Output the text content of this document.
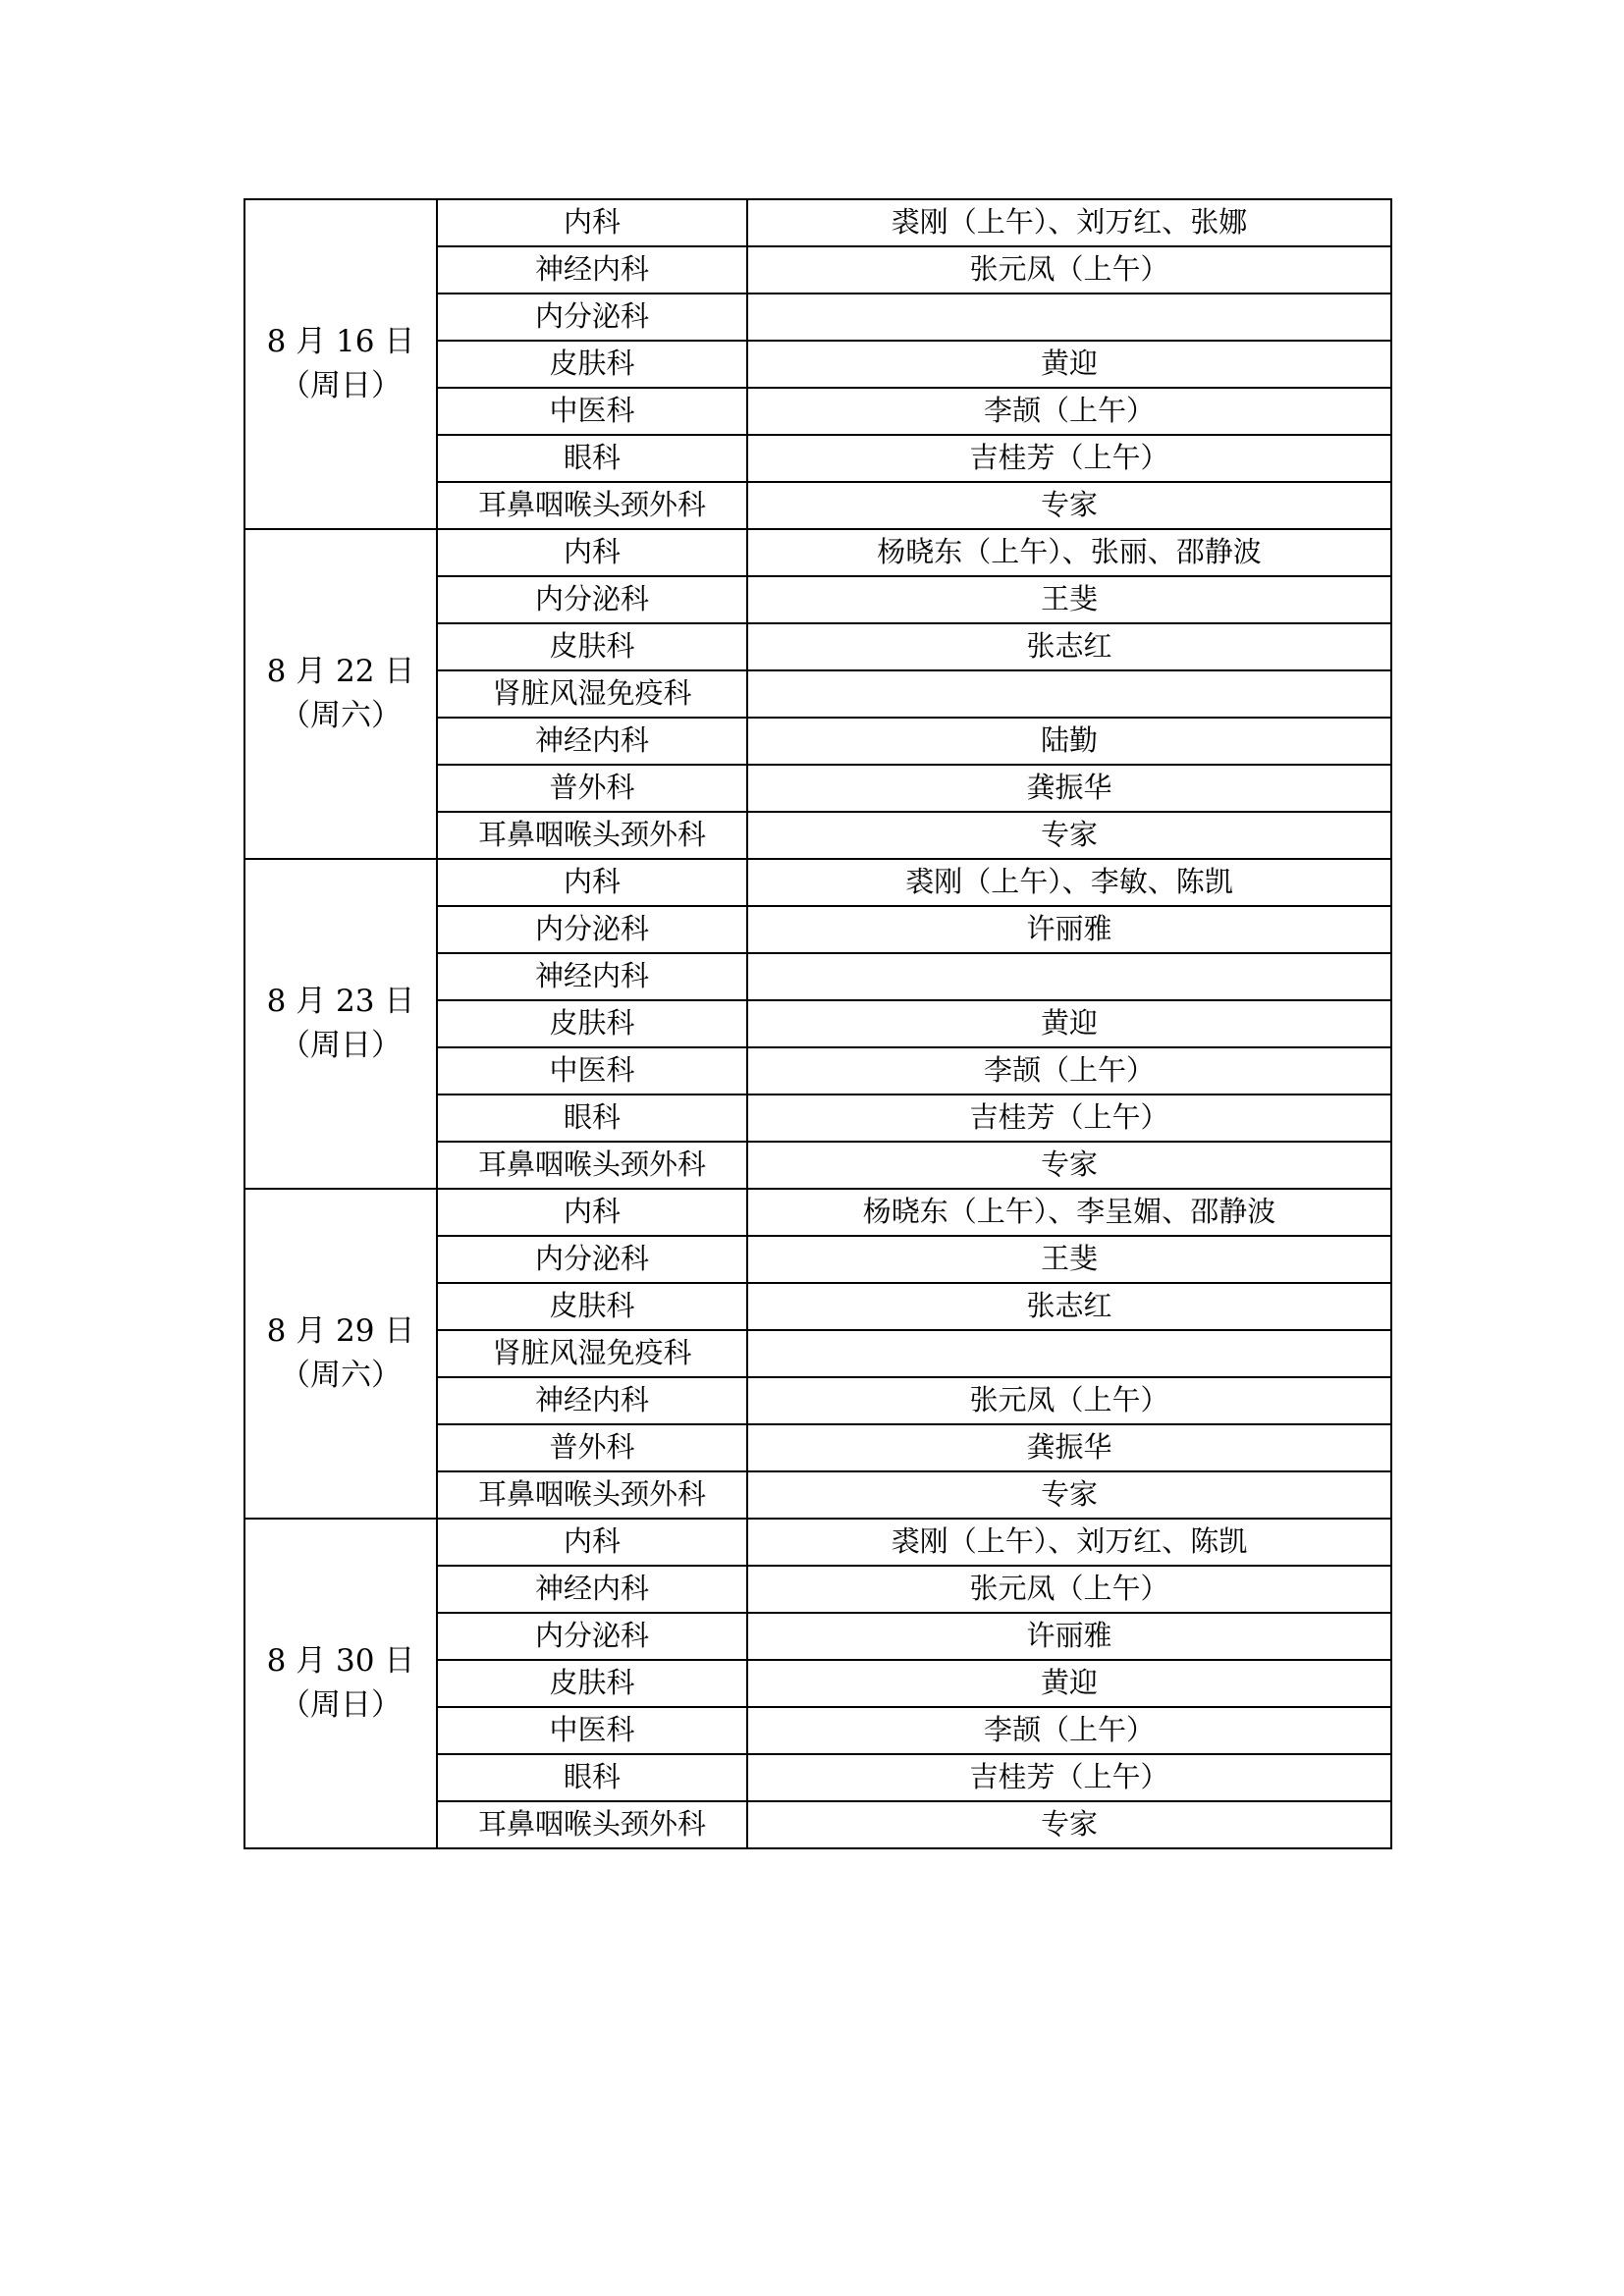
8 月 16 日
（周日）	内科	裘刚（上午）、刘万红、张娜
	神经内科	张元凤（上午）
	内分泌科	
	皮肤科	黄迎
	中医科	李颉（上午）
	眼科	吉桂芳（上午）
	耳鼻咽喉头颈外科	专家

8 月 22 日
（周六）	内科	杨晓东（上午）、张丽、邵静波
	内分泌科	王斐
	皮肤科	张志红
	肾脏风湿免疫科	
	神经内科	陆勤
	普外科	龚振华
	耳鼻咽喉头颈外科	专家

8 月 23 日
（周日）	内科	裘刚（上午）、李敏、陈凯
	内分泌科	许丽雅
	神经内科	
	皮肤科	黄迎
	中医科	李颉（上午）
	眼科	吉桂芳（上午）
	耳鼻咽喉头颈外科	专家

8 月 29 日
（周六）	内科	杨晓东（上午）、李呈媚、邵静波
	内分泌科	王斐
	皮肤科	张志红
	肾脏风湿免疫科	
	神经内科	张元凤（上午）
	普外科	龚振华
	耳鼻咽喉头颈外科	专家

8 月 30 日
（周日）	内科	裘刚（上午）、刘万红、陈凯
	神经内科	张元凤（上午）
	内分泌科	许丽雅
	皮肤科	黄迎
	中医科	李颉（上午）
	眼科	吉桂芳（上午）
	耳鼻咽喉头颈外科	专家
